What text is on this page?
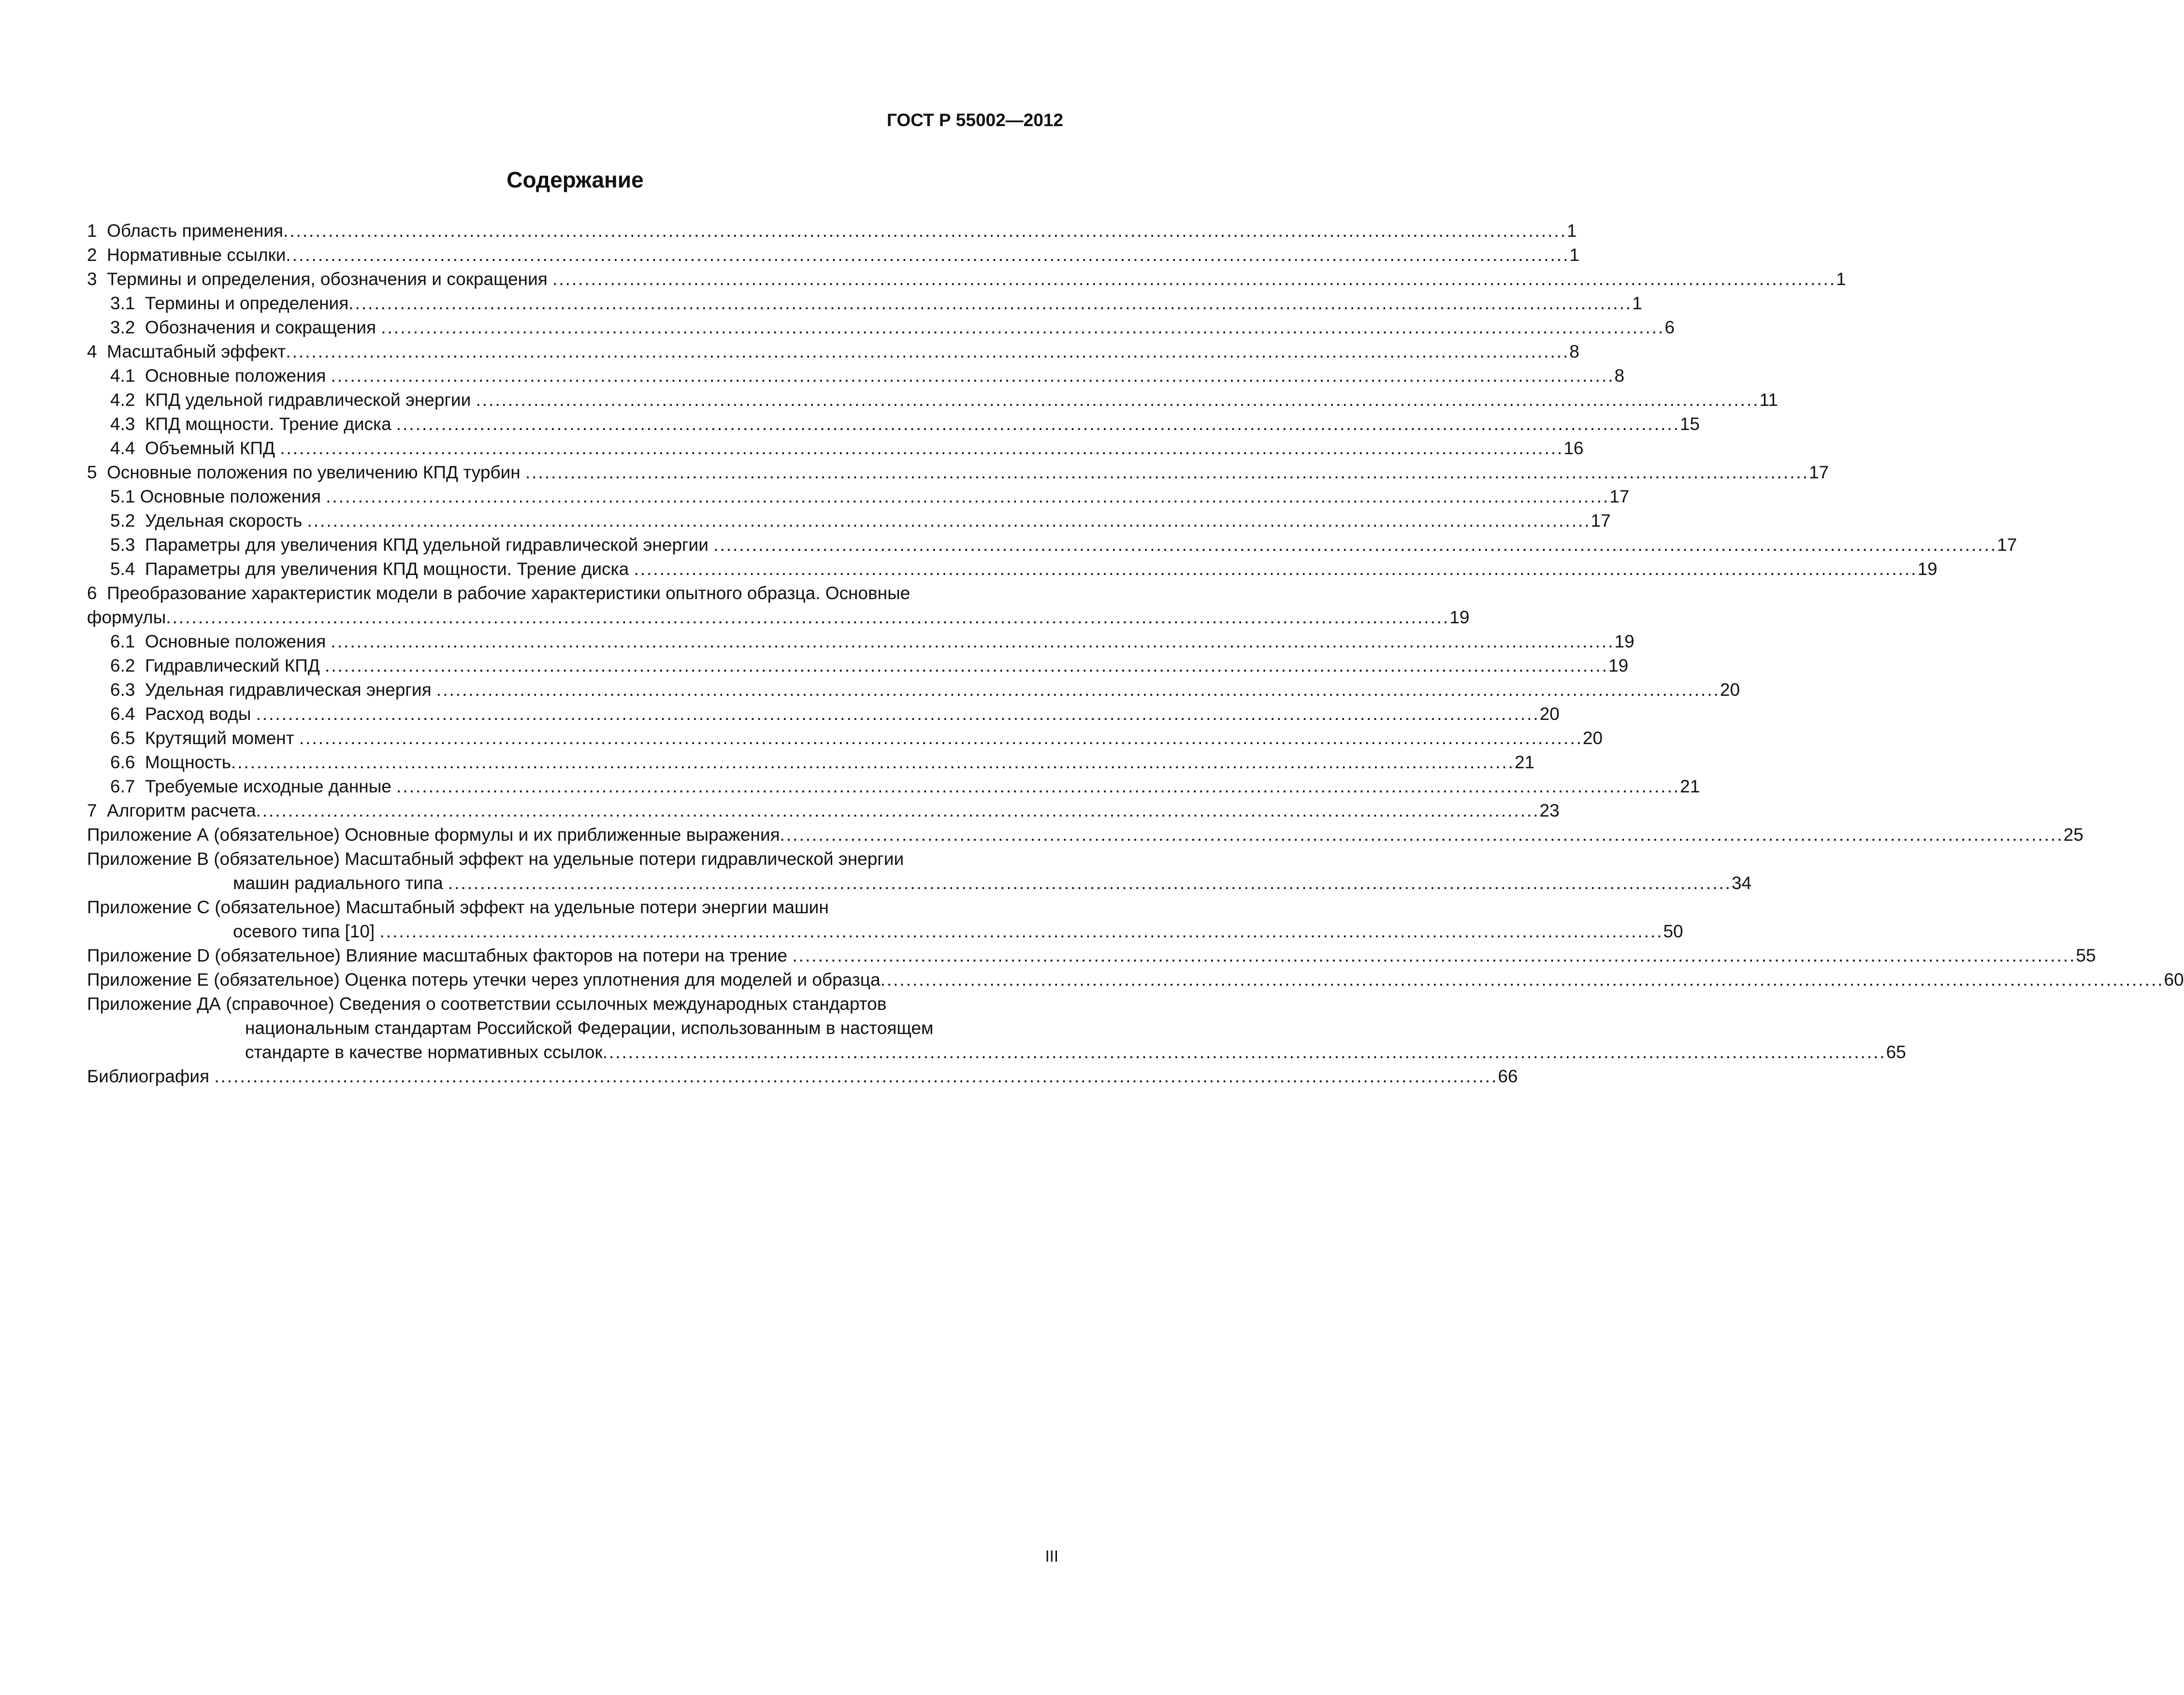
ГОСТ Р 55002—2012
Содержание
1  Область применения ........................................................................................................................................................................................................ 1
2  Нормативные ссылки ........................................................................................................................................................................................................ 1
3  Термины и определения, обозначения и сокращения ........................................................................................................................................................................................................ 1
3.1  Термины и определения ........................................................................................................................................................................................................ 1
3.2  Обозначения и сокращения ........................................................................................................................................................................................................ 6
4  Масштабный эффект ........................................................................................................................................................................................................ 8
4.1  Основные положения ........................................................................................................................................................................................................ 8
4.2  КПД удельной гидравлической энергии ........................................................................................................................................................................................................ 11
4.3  КПД мощности. Трение диска ........................................................................................................................................................................................................ 15
4.4  Объемный КПД ........................................................................................................................................................................................................ 16
5  Основные положения по увеличению КПД турбин ........................................................................................................................................................................................................ 17
5.1 Основные положения ........................................................................................................................................................................................................ 17
5.2  Удельная скорость ........................................................................................................................................................................................................ 17
5.3  Параметры для увеличения КПД удельной гидравлической энергии ........................................................................................................................................................................................................ 17
5.4  Параметры для увеличения КПД мощности. Трение диска ........................................................................................................................................................................................................ 19
6  Преобразование характеристик модели в рабочие характеристики опытного образца. Основные
формулы ........................................................................................................................................................................................................ 19
6.1  Основные положения ........................................................................................................................................................................................................ 19
6.2  Гидравлический КПД ........................................................................................................................................................................................................ 19
6.3  Удельная гидравлическая энергия ........................................................................................................................................................................................................ 20
6.4  Расход воды ........................................................................................................................................................................................................ 20
6.5  Крутящий момент ........................................................................................................................................................................................................ 20
6.6  Мощность ........................................................................................................................................................................................................ 21
6.7  Требуемые исходные данные ........................................................................................................................................................................................................ 21
7  Алгоритм расчета ........................................................................................................................................................................................................ 23
Приложение А (обязательное) Основные формулы и их приближенные выражения ........................................................................................................................................................................................................ 25
Приложение В (обязательное) Масштабный эффект на удельные потери гидравлической энергии
машин радиального типа ........................................................................................................................................................................................................ 34
Приложение С (обязательное) Масштабный эффект на удельные потери энергии машин
осевого типа [10] ........................................................................................................................................................................................................ 50
Приложение D (обязательное) Влияние масштабных факторов на потери на трение ........................................................................................................................................................................................................ 55
Приложение Е (обязательное) Оценка потерь утечки через уплотнения для моделей и образца ........................................................................................................................................................................................................ 60
Приложение ДА (справочное) Сведения о соответствии ссылочных международных стандартов
национальным стандартам Российской Федерации, использованным в настоящем
стандарте в качестве нормативных ссылок ........................................................................................................................................................................................................ 65
Библиография ........................................................................................................................................................................................................ 66
III
